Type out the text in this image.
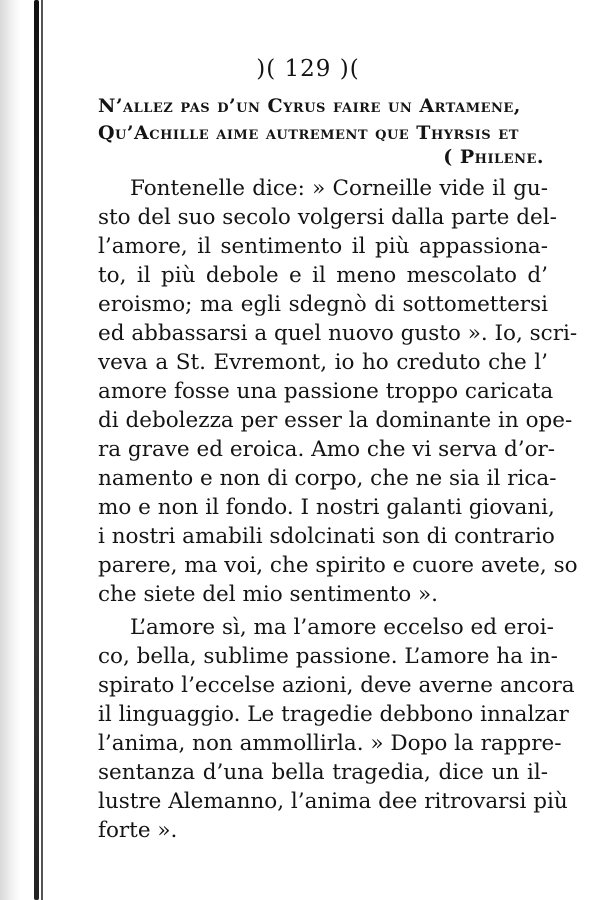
)( 129 )(
N’allez pas d’un Cyrus faire un Artamene,
Qu’Achille aime autrement que Thyrsis et
( Philene.
Fontenelle dice: » Corneille vide il gu-
sto del suo secolo volgersi dalla parte del-
l’amore, il sentimento il più appassiona-
to, il più debole e il meno mescolato d’
eroismo; ma egli sdegnò di sottomettersi
ed abbassarsi a quel nuovo gusto ». Io, scri-
veva a St. Evremont, io ho creduto che l’
amore fosse una passione troppo caricata
di debolezza per esser la dominante in ope-
ra grave ed eroica. Amo che vi serva d’or-
namento e non di corpo, che ne sia il rica-
mo e non il fondo. I nostri galanti giovani,
i nostri amabili sdolcinati son di contrario
parere, ma voi, che spirito e cuore avete, so
che siete del mio sentimento ».
L’amore sì, ma l’amore eccelso ed eroi-
co, bella, sublime passione. L’amore ha in-
spirato l’eccelse azioni, deve averne ancora
il linguaggio. Le tragedie debbono innalzar
l’anima, non ammollirla. » Dopo la rappre-
sentanza d’una bella tragedia, dice un il-
lustre Alemanno, l’anima dee ritrovarsi più
forte ».
